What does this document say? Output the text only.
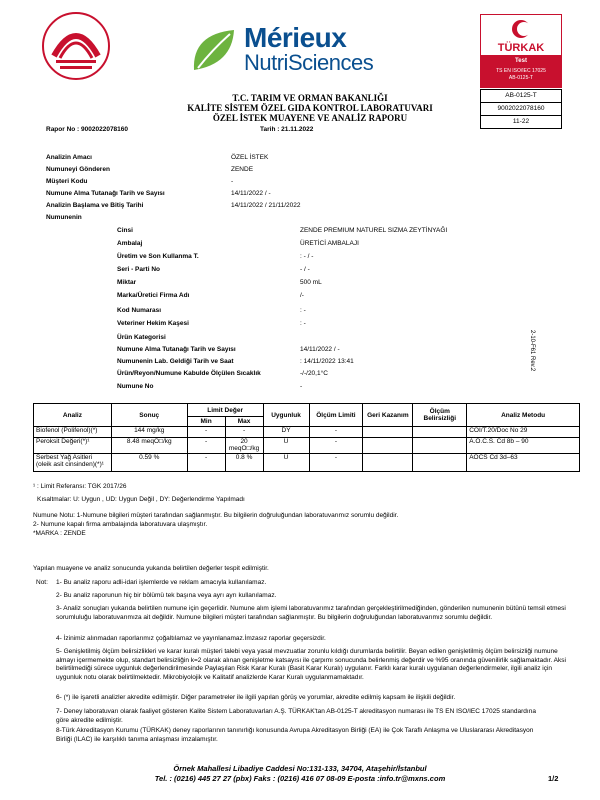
Mérieux
NutriSciences
TÜRKAK
Test
TS EN ISO/IEC 17025
AB-0125-T
AB-0125-T
9002022078160
11-22
T.C. TARIM VE ORMAN BAKANLIĞI
KALİTE SİSTEM ÖZEL GIDA KONTROL LABORATUVARI
ÖZEL İSTEK MUAYENE VE ANALİZ RAPORU
Rapor No : 9002022078160	Tarih : 21.11.2022
Analizin Amacı	ÖZEL İSTEK
Numuneyi Gönderen	ZENDE
Müşteri Kodu	-
Numune Alma Tutanağı Tarih ve Sayısı	14/11/2022 / -
Analizin Başlama ve Bitiş Tarihi	14/11/2022 / 21/11/2022
Numunenin
Cinsi	ZENDE PREMIUM NATUREL SIZMA ZEYTİNYAĞI
Ambalaj	ÜRETİCİ AMBALAJI
Üretim ve Son Kullanma T.	: - / -
Seri - Parti No	- / -
Miktar	500 mL
Marka/Üretici Firma Adı	/-
Kod Numarası	: -
Veteriner Hekim Kaşesi	: -
Ürün Kategorisi
Numune Alma Tutanağı Tarih ve Sayısı	14/11/2022 / -
Numunenin Lab. Geldiği Tarih ve Saat	: 14/11/2022 13:41
Ürün/Reyon/Numune Kabulde Ölçülen Sıcaklık	-/-/20,1°C
Numune No	-
2-10-F61 Rev.2
Analiz	Sonuç	Limit Değer		Uygunluk	Ölçüm Limiti	Geri Kazanım	Ölçüm Belirsizliği	Analiz Metodu
		Min	Max					
Biofenol (Polifenol)(*)	144 mg/kg	-	-	DY	-			COI/T.20/Doc No 29
Peroksit Değeri(*)¹	8.48 meqO□/kg	-	20 meqO□/kg	U	-			A.O.C.S. Cd 8b – 90
Serbest Yağ Asitleri (oleik asit cinsinden)(*)¹	0.59 %	-	0.8 %	U	-			AOCS Cd 3d–63
¹ : Limit Referansı: TGK 2017/26
Kısaltmalar: U: Uygun , UD: Uygun Değil , DY: Değerlendirme Yapılmadı
Numune Notu: 1-Numune bilgileri müşteri tarafından sağlanmıştır. Bu bilgilerin doğruluğundan laboratuvarımız sorumlu değildir.
2- Numune kapalı firma ambalajında laboratuvara ulaşmıştır.
*MARKA : ZENDE
Yapılan muayene ve analiz sonucunda yukarıda belirtilen değerler tespit edilmiştir.
Not: 1- Bu analiz raporu adli-idari işlemlerde ve reklam amacıyla kullanılamaz.
2- Bu analiz raporunun hiç bir bölümü tek başına veya ayrı ayrı kullanılamaz.
3- Analiz sonuçları yukarıda belirtilen numune için geçerlidir. Numune alım işlemi laboratuvarımız tarafından gerçekleştirilmediğinden, gönderilen numunenin bütünü temsil etmesi sorumluluğu laboratuvarımıza ait değildir. Numune bilgileri müşteri tarafından sağlanmıştır. Bu bilgilerin doğruluğundan laboratuvarımız sorumlu değildir.
4- İzinimiz alınmadan raporlarımız çoğaltılamaz ve yayınlanamaz.İmzasız raporlar geçersizdir.
5- Genişletilmiş ölçüm belirsizlikleri ve karar kuralı müşteri talebi veya yasal mevzuatlar zorunlu kıldığı durumlarda belirtilir. Beyan edilen genişletilmiş ölçüm belirsizliği numune almayı içermemekte olup, standart belirsizliğin k=2 olarak alınan genişletme katsayısı ile çarpımı sonucunda belirlenmiş değerdir ve %95 oranında güvenilirlik sağlamaktadır. Aksi belirtilmediği sürece uygunluk değerlendirilmesinde Paylaşılan Risk Karar Kuralı (Basit Karar Kuralı) uygulanır. Farklı karar kuralı uygulanan değerlendirmeler, ilgili analiz için uygunluk notu olarak belirtilmektedir. Mikrobiyolojik ve Kalitatif analizlerde Karar Kuralı uygulanmamaktadır.
6- (*) ile işaretli analizler akredite edilmiştir. Diğer parametreler ile ilgili yapılan görüş ve yorumlar, akredite edilmiş kapsam ile ilişkili değildir.
7- Deney laboratuvarı olarak faaliyet gösteren Kalite Sistem Laboratuvarları A.Ş. TÜRKAK'tan AB-0125-T akreditasyon numarası ile TS EN ISO/IEC 17025 standardına göre akredite edilmiştir.
8-Türk Akreditasyon Kurumu (TÜRKAK) deney raporlarının tanınırlığı konusunda Avrupa Akreditasyon Birliği (EA) ile Çok Taraflı Anlaşma ve Uluslararası Akreditasyon Birliği (ILAC) ile karşılıklı tanıma anlaşması imzalamıştır.
Örnek Mahallesi Libadiye Caddesi No:131-133, 34704, Ataşehir/İstanbul
Tel. : (0216) 445 27 27 (pbx) Faks : (0216) 416 07 08-09 E-posta :info.tr@mxns.com	1/2
